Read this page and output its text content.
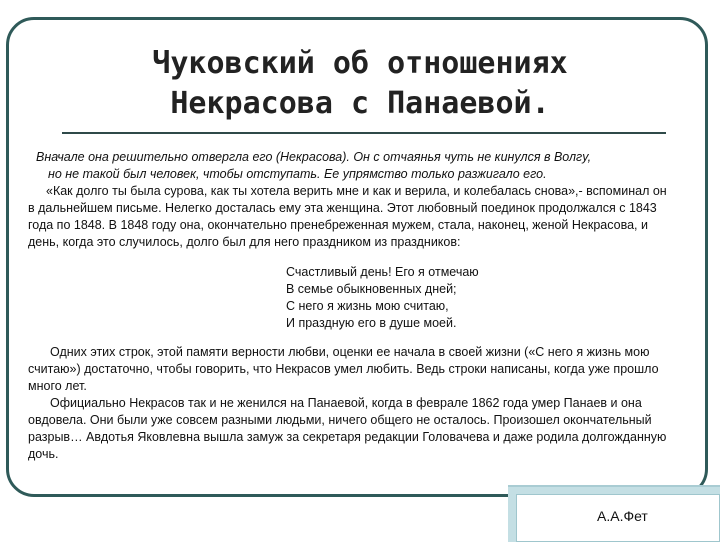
Чуковский об отношениях
Некрасова с Панаевой.

Вначале она решительно отвергла его (Некрасова). Он с отчаянья чуть не кинулся в Волгу,
но не такой был человек, чтобы отступать. Ее упрямство только разжигало его.

«Как долго ты была сурова, как ты хотела верить мне и как и верила, и колебалась снова»,- вспоминал он в дальнейшем письме. Нелегко досталась ему эта женщина. Этот любовный поединок продолжался с 1843 года по 1848. В 1848 году она, окончательно пренебреженная мужем, стала, наконец, женой Некрасова, и день, когда это случилось, долго был для него праздником из праздников:

Счастливый день! Его я отмечаю
В семье обыкновенных дней;
С него я жизнь мою считаю,
И праздную его в душе моей.

Одних этих строк, этой памяти верности любви, оценки ее начала в своей жизни («С него я жизнь мою считаю») достаточно, чтобы говорить, что Некрасов умел любить. Ведь строки написаны, когда уже прошло много лет.

Официально Некрасов так и не женился на Панаевой, когда в феврале 1862 года умер Панаев и она овдовела. Они были уже совсем разными людьми, ничего общего не осталось. Произошел окончательный разрыв… Авдотья Яковлевна вышла замуж за секретаря редакции Головачева и даже родила долгожданную дочь.

А.А.Фет
